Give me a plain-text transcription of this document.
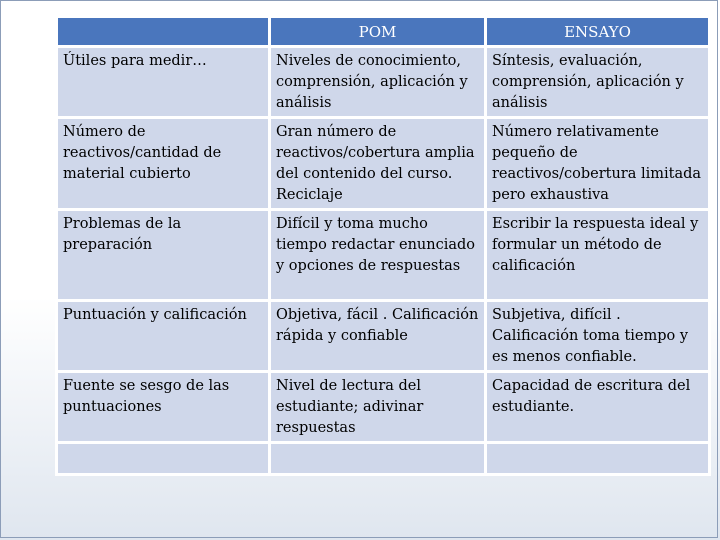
	POM	ENSAYO
Útiles para medir…	Niveles de conocimiento, comprensión, aplicación y análisis	Síntesis, evaluación, comprensión, aplicación y análisis
Número de reactivos/cantidad de material cubierto	Gran número de reactivos/cobertura amplia del contenido del curso. Reciclaje	Número relativamente pequeño de reactivos/cobertura limitada pero exhaustiva
Problemas de la preparación	Difícil y toma mucho tiempo redactar enunciado y opciones de respuestas	Escribir la respuesta ideal y formular un método de calificación
Puntuación y calificación	Objetiva, fácil . Calificación rápida y confiable	Subjetiva, difícil . Calificación toma tiempo y es menos confiable.
Fuente se sesgo de las puntuaciones	Nivel de lectura del estudiante; adivinar respuestas	Capacidad de escritura del estudiante.
